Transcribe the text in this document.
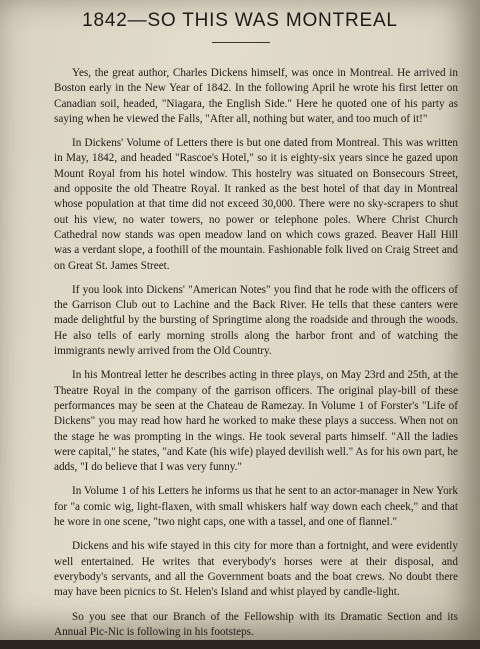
1842—SO THIS WAS MONTREAL

Yes, the great author, Charles Dickens himself, was once in Montreal. He arrived in Boston early in the New Year of 1842. In the following April he wrote his first letter on Canadian soil, headed, "Niagara, the English Side." Here he quoted one of his party as saying when he viewed the Falls, "After all, nothing but water, and too much of it!"

In Dickens' Volume of Letters there is but one dated from Montreal. This was written in May, 1842, and headed "Rascoe's Hotel," so it is eighty-six years since he gazed upon Mount Royal from his hotel window. This hostelry was situated on Bonsecours Street, and opposite the old Theatre Royal. It ranked as the best hotel of that day in Montreal whose population at that time did not exceed 30,000. There were no sky-scrapers to shut out his view, no water towers, no power or telephone poles. Where Christ Church Cathedral now stands was open meadow land on which cows grazed. Beaver Hall Hill was a verdant slope, a foothill of the mountain. Fashionable folk lived on Craig Street and on Great St. James Street.

If you look into Dickens' "American Notes" you find that he rode with the officers of the Garrison Club out to Lachine and the Back River. He tells that these canters were made delightful by the bursting of Springtime along the roadside and through the woods. He also tells of early morning strolls along the harbor front and of watching the immigrants newly arrived from the Old Country.

In his Montreal letter he describes acting in three plays, on May 23rd and 25th, at the Theatre Royal in the company of the garrison officers. The original play-bill of these performances may be seen at the Chateau de Ramezay. In Volume 1 of Forster's "Life of Dickens" you may read how hard he worked to make these plays a success. When not on the stage he was prompting in the wings. He took several parts himself. "All the ladies were capital," he states, "and Kate (his wife) played devilish well." As for his own part, he adds, "I do believe that I was very funny."

In Volume 1 of his Letters he informs us that he sent to an actor-manager in New York for "a comic wig, light-flaxen, with small whiskers half way down each cheek," and that he wore in one scene, "two night caps, one with a tassel, and one of flannel."

Dickens and his wife stayed in this city for more than a fortnight, and were evidently well entertained. He writes that everybody's horses were at their disposal, and everybody's servants, and all the Government boats and the boat crews. No doubt there may have been picnics to St. Helen's Island and whist played by candle-light.

So you see that our Branch of the Fellowship with its Dramatic Section and its Annual Pic-Nic is following in his footsteps.
